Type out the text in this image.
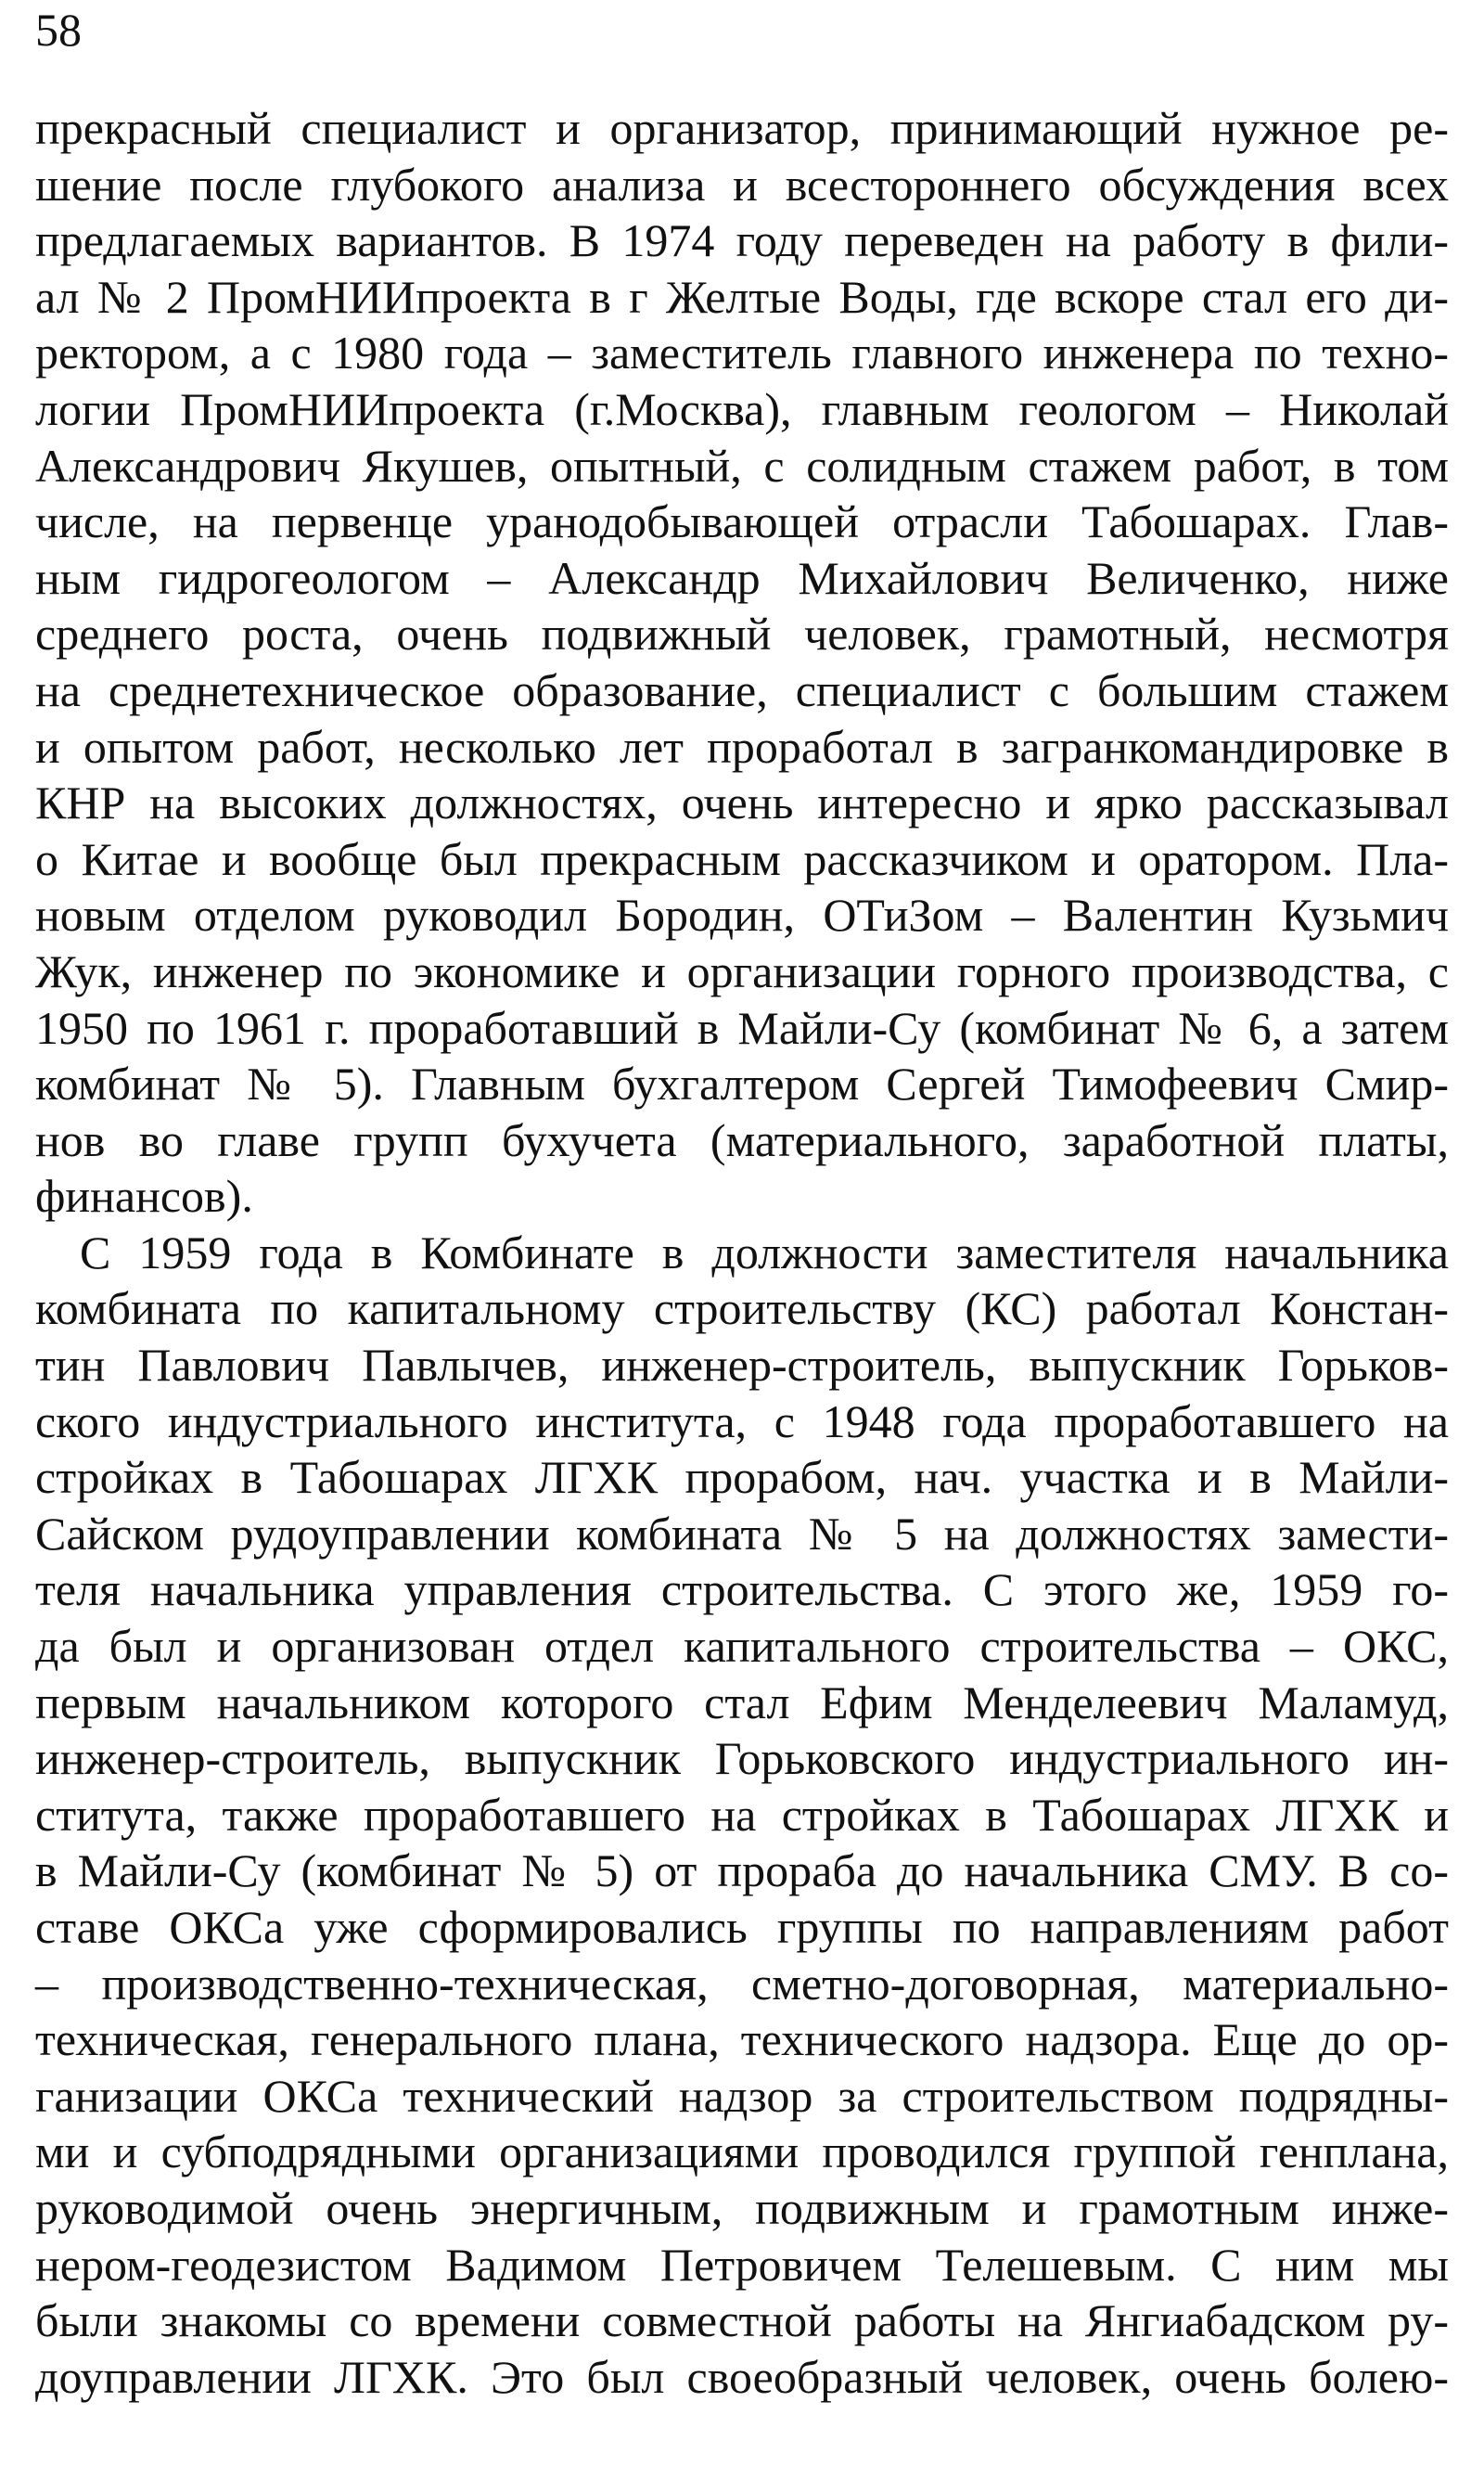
58
прекрасный специалист и организатор, принимающий нужное ре-
шение после глубокого анализа и всестороннего обсуждения всех
предлагаемых вариантов. В 1974 году переведен на работу в фили-
ал № 2 ПромНИИпроекта в г Желтые Воды, где вскоре стал его ди-
ректором, а с 1980 года – заместитель главного инженера по техно-
логии ПромНИИпроекта (г.Москва), главным геологом – Николай
Александрович Якушев, опытный, с солидным стажем работ, в том
числе, на первенце уранодобывающей отрасли Табошарах. Глав-
ным гидрогеологом – Александр Михайлович Величенко, ниже
среднего роста, очень подвижный человек, грамотный, несмотря
на среднетехническое образование, специалист с большим стажем
и опытом работ, несколько лет проработал в загранкомандировке в
КНР на высоких должностях, очень интересно и ярко рассказывал
о Китае и вообще был прекрасным рассказчиком и оратором. Пла-
новым отделом руководил Бородин, ОТиЗом – Валентин Кузьмич
Жук, инженер по экономике и организации горного производства, с
1950 по 1961 г. проработавший в Майли-Су (комбинат № 6, а затем
комбинат № 5). Главным бухгалтером Сергей Тимофеевич Смир-
нов во главе групп бухучета (материального, заработной платы,
финансов).
С 1959 года в Комбинате в должности заместителя начальника
комбината по капитальному строительству (КС) работал Констан-
тин Павлович Павлычев, инженер-строитель, выпускник Горьков-
ского индустриального института, с 1948 года проработавшего на
стройках в Табошарах ЛГХК прорабом, нач. участка и в Майли-
Сайском рудоуправлении комбината № 5 на должностях замести-
теля начальника управления строительства. С этого же, 1959 го-
да был и организован отдел капитального строительства – ОКС,
первым начальником которого стал Ефим Менделеевич Маламуд,
инженер-строитель, выпускник Горьковского индустриального ин-
ститута, также проработавшего на стройках в Табошарах ЛГХК и
в Майли-Су (комбинат № 5) от прораба до начальника СМУ. В со-
ставе ОКСа уже сформировались группы по направлениям работ
– производственно-техническая, сметно-договорная, материально-
техническая, генерального плана, технического надзора. Еще до ор-
ганизации ОКСа технический надзор за строительством подрядны-
ми и субподрядными организациями проводился группой генплана,
руководимой очень энергичным, подвижным и грамотным инже-
нером-геодезистом Вадимом Петровичем Телешевым. С ним мы
были знакомы со времени совместной работы на Янгиабадском ру-
доуправлении ЛГХК. Это был своеобразный человек, очень болею-
